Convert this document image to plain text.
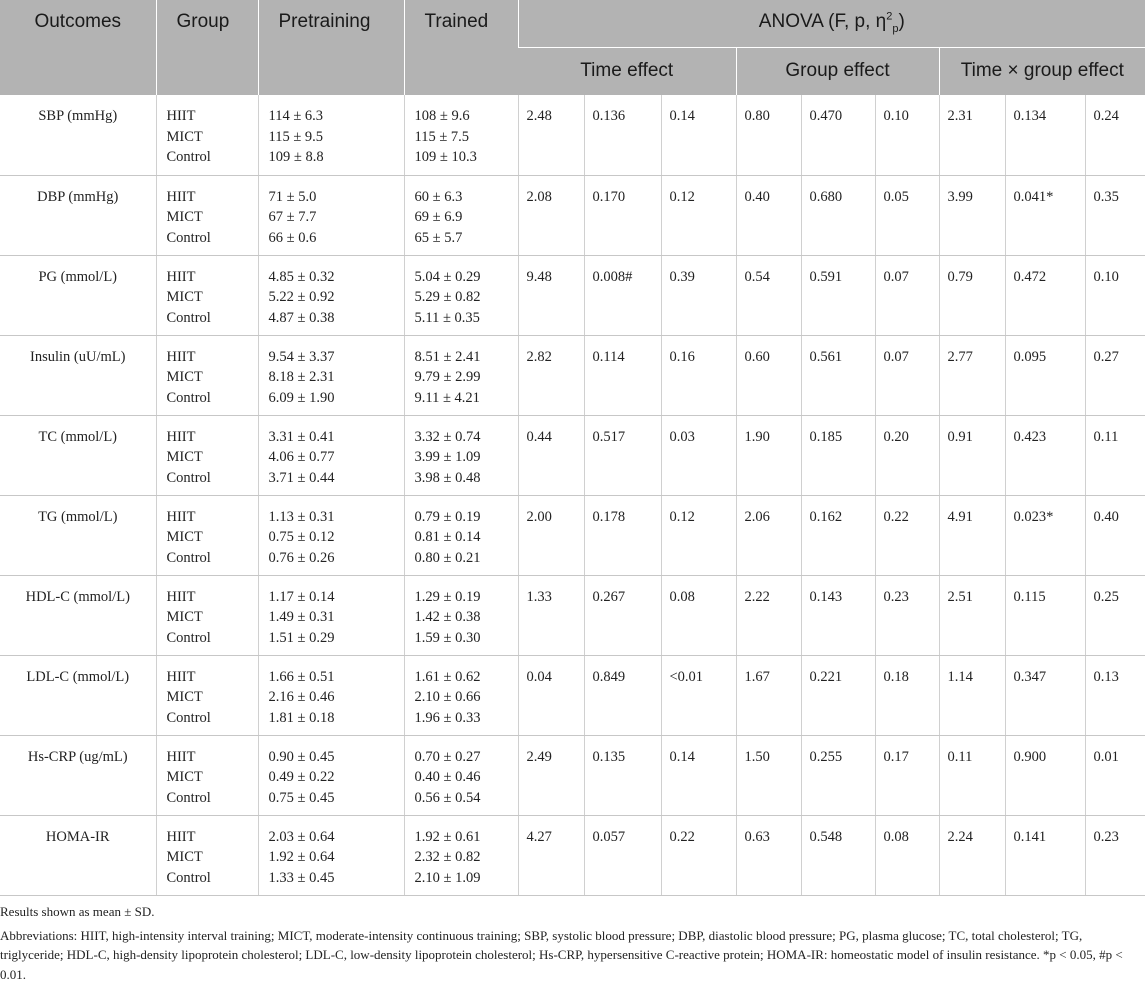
Outcomes	Group	Pretraining	Trained	ANOVA (F, p, $\eta^2_p$)								
				Time effect			Group effect			Time × group effect		
SBP (mmHg)	HIIT
MICT
Control	114 ± 6.3
115 ± 9.5
109 ± 8.8	108 ± 9.6
115 ± 7.5
109 ± 10.3	2.48	0.136	0.14	0.80	0.470	0.10	2.31	0.134	0.24
DBP (mmHg)	HIIT
MICT
Control	71 ± 5.0
67 ± 7.7
66 ± 0.6	60 ± 6.3
69 ± 6.9
65 ± 5.7	2.08	0.170	0.12	0.40	0.680	0.05	3.99	0.041*	0.35
PG (mmol/L)	HIIT
MICT
Control	4.85 ± 0.32
5.22 ± 0.92
4.87 ± 0.38	5.04 ± 0.29
5.29 ± 0.82
5.11 ± 0.35	9.48	0.008#	0.39	0.54	0.591	0.07	0.79	0.472	0.10
Insulin (uU/mL)	HIIT
MICT
Control	9.54 ± 3.37
8.18 ± 2.31
6.09 ± 1.90	8.51 ± 2.41
9.79 ± 2.99
9.11 ± 4.21	2.82	0.114	0.16	0.60	0.561	0.07	2.77	0.095	0.27
TC (mmol/L)	HIIT
MICT
Control	3.31 ± 0.41
4.06 ± 0.77
3.71 ± 0.44	3.32 ± 0.74
3.99 ± 1.09
3.98 ± 0.48	0.44	0.517	0.03	1.90	0.185	0.20	0.91	0.423	0.11
TG (mmol/L)	HIIT
MICT
Control	1.13 ± 0.31
0.75 ± 0.12
0.76 ± 0.26	0.79 ± 0.19
0.81 ± 0.14
0.80 ± 0.21	2.00	0.178	0.12	2.06	0.162	0.22	4.91	0.023*	0.40
HDL-C (mmol/L)	HIIT
MICT
Control	1.17 ± 0.14
1.49 ± 0.31
1.51 ± 0.29	1.29 ± 0.19
1.42 ± 0.38
1.59 ± 0.30	1.33	0.267	0.08	2.22	0.143	0.23	2.51	0.115	0.25
LDL-C (mmol/L)	HIIT
MICT
Control	1.66 ± 0.51
2.16 ± 0.46
1.81 ± 0.18	1.61 ± 0.62
2.10 ± 0.66
1.96 ± 0.33	0.04	0.849	<0.01	1.67	0.221	0.18	1.14	0.347	0.13
Hs-CRP (ug/mL)	HIIT
MICT
Control	0.90 ± 0.45
0.49 ± 0.22
0.75 ± 0.45	0.70 ± 0.27
0.40 ± 0.46
0.56 ± 0.54	2.49	0.135	0.14	1.50	0.255	0.17	0.11	0.900	0.01
HOMA-IR	HIIT
MICT
Control	2.03 ± 0.64
1.92 ± 0.64
1.33 ± 0.45	1.92 ± 0.61
2.32 ± 0.82
2.10 ± 1.09	4.27	0.057	0.22	0.63	0.548	0.08	2.24	0.141	0.23

Results shown as mean ± SD.

Abbreviations: HIIT, high-intensity interval training; MICT, moderate-intensity continuous training; SBP, systolic blood pressure; DBP, diastolic blood pressure; PG, plasma glucose; TC, total cholesterol; TG, triglyceride; HDL-C, high-density lipoprotein cholesterol; LDL-C, low-density lipoprotein cholesterol; Hs-CRP, hypersensitive C-reactive protein; HOMA-IR: homeostatic model of insulin resistance. *p < 0.05, #p < 0.01.
